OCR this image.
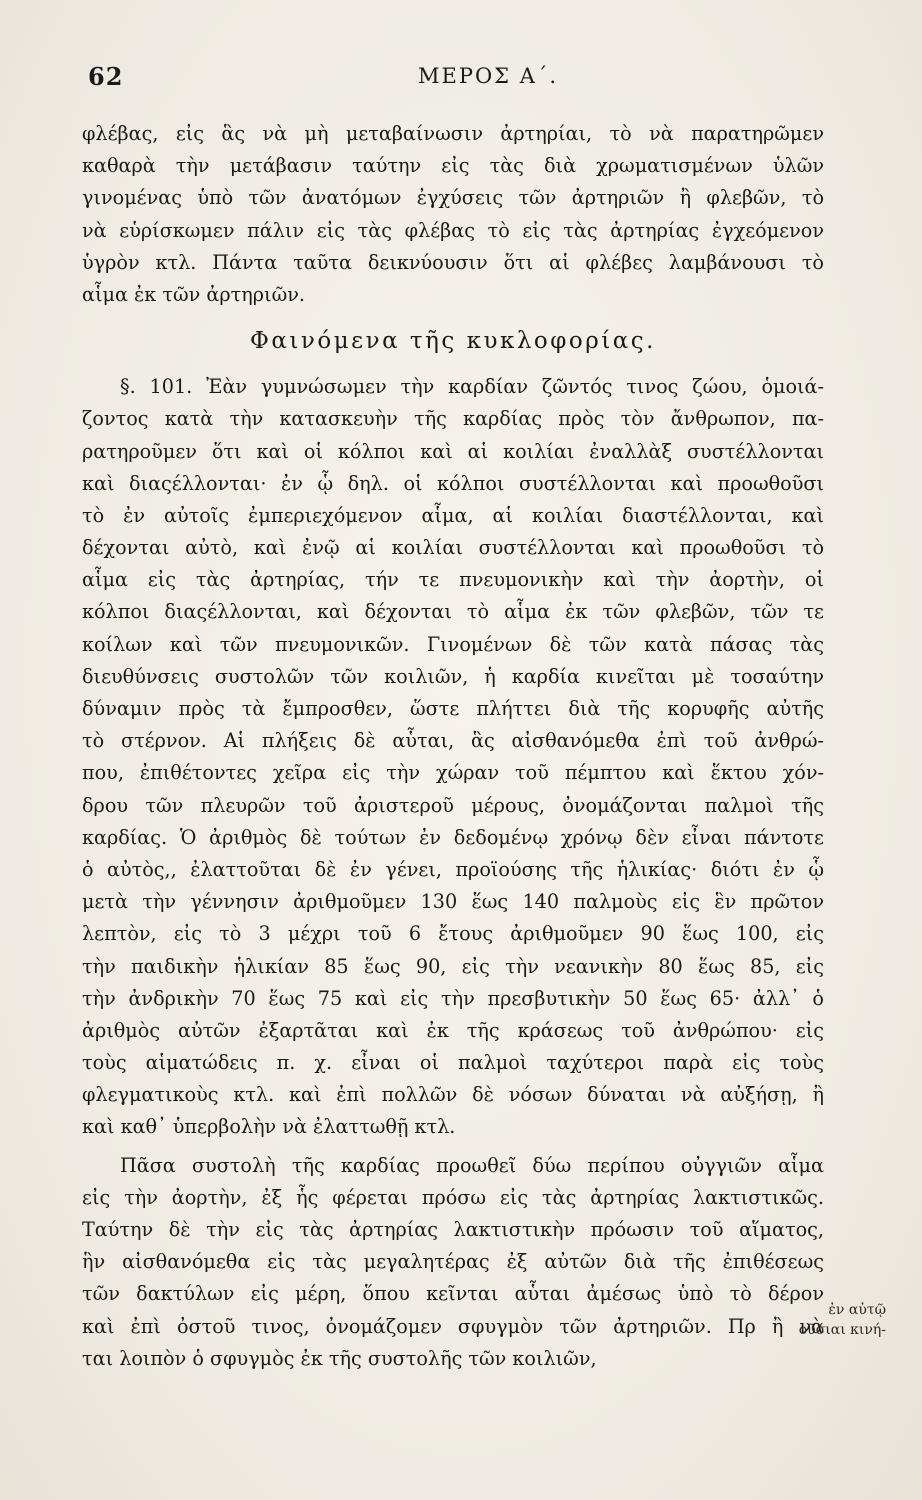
62	ΜΕΡΟΣ Α΄.
φλέβας, εἰς ἃς νὰ μὴ μεταβαίνωσιν ἀρτηρίαι, τὸ νὰ παρατηρῶμεν
καθαρὰ τὴν μετάβασιν ταύτην εἰς τὰς διὰ χρωματισμένων ὑλῶν
γινομένας ὑπὸ τῶν ἀνατόμων ἐγχύσεις τῶν ἀρτηριῶν ἢ φλεβῶν, τὸ
νὰ εὑρίσκωμεν πάλιν εἰς τὰς φλέβας τὸ εἰς τὰς ἀρτηρίας ἐγχεόμενον
ὑγρὸν κτλ. Πάντα ταῦτα δεικνύουσιν ὅτι αἱ φλέβες λαμβάνουσι τὸ
αἷμα ἐκ τῶν ἀρτηριῶν.
Φαινόμενα τῆς κυκλοφορίας.
§. 101. Ἐὰν γυμνώσωμεν τὴν καρδίαν ζῶντός τινος ζώου, ὁμοιά-
ζοντος κατὰ τὴν κατασκευὴν τῆς καρδίας πρὸς τὸν ἄνθρωπον, πα-
ρατηροῦμεν ὅτι καὶ οἱ κόλποι καὶ αἱ κοιλίαι ἐναλλὰξ συστέλλονται
καὶ διαςέλλονται· ἐν ᾧ δηλ. οἱ κόλποι συστέλλονται καὶ προωθοῦσι
τὸ ἐν αὐτοῖς ἐμπεριεχόμενον αἷμα, αἱ κοιλίαι διαστέλλονται, καὶ
δέχονται αὐτὸ, καὶ ἐνῷ αἱ κοιλίαι συστέλλονται καὶ προωθοῦσι τὸ
αἷμα εἰς τὰς ἀρτηρίας, τήν τε πνευμονικὴν καὶ τὴν ἀορτὴν, οἱ
κόλποι διαςέλλονται, καὶ δέχονται τὸ αἷμα ἐκ τῶν φλεβῶν, τῶν τε
κοίλων καὶ τῶν πνευμονικῶν. Γινομένων δὲ τῶν κατὰ πάσας τὰς
διευθύνσεις συστολῶν τῶν κοιλιῶν, ἡ καρδία κινεῖται μὲ τοσαύτην
δύναμιν πρὸς τὰ ἔμπροσθεν, ὥστε πλήττει διὰ τῆς κορυφῆς αὐτῆς
τὸ στέρνον. Αἱ πλήξεις δὲ αὗται, ἃς αἰσθανόμεθα ἐπὶ τοῦ ἀνθρώ-
που, ἐπιθέτοντες χεῖρα εἰς τὴν χώραν τοῦ πέμπτου καὶ ἕκτου χόν-
δρου τῶν πλευρῶν τοῦ ἀριστεροῦ μέρους, ὀνομάζονται παλμοὶ τῆς
καρδίας. Ὁ ἀριθμὸς δὲ τούτων ἐν δεδομένῳ χρόνῳ δὲν εἶναι πάντοτε
ὁ αὐτὸς,, ἐλαττοῦται δὲ ἐν γένει, προϊούσης τῆς ἡλικίας· διότι ἐν ᾧ
μετὰ τὴν γέννησιν ἀριθμοῦμεν 130 ἕως 140 παλμοὺς εἰς ἓν πρῶτον
λεπτὸν, εἰς τὸ 3 μέχρι τοῦ 6 ἔτους ἀριθμοῦμεν 90 ἕως 100, εἰς
τὴν παιδικὴν ἡλικίαν 85 ἕως 90, εἰς τὴν νεανικὴν 80 ἕως 85, εἰς
τὴν ἀνδρικὴν 70 ἕως 75 καὶ εἰς τὴν πρεσβυτικὴν 50 ἕως 65· ἀλλ᾽ ὁ
ἀριθμὸς αὐτῶν ἐξαρτᾶται καὶ ἐκ τῆς κράσεως τοῦ ἀνθρώπου· εἰς
τοὺς αἱματώδεις π. χ. εἶναι οἱ παλμοὶ ταχύτεροι παρὰ εἰς τοὺς
φλεγματικοὺς κτλ. καὶ ἐπὶ πολλῶν δὲ νόσων δύναται νὰ αὐξήσῃ, ἢ
καὶ καθ᾽ ὑπερβολὴν νὰ ἐλαττωθῇ κτλ.
Πᾶσα συστολὴ τῆς καρδίας προωθεῖ δύω περίπου οὐγγιῶν αἷμα
εἰς τὴν ἀορτὴν, ἐξ ἧς φέρεται πρόσω εἰς τὰς ἀρτηρίας λακτιστικῶς.
Ταύτην δὲ τὴν εἰς τὰς ἀρτηρίας λακτιστικὴν πρόωσιν τοῦ αἵματος,
ἣν αἰσθανόμεθα εἰς τὰς μεγαλητέρας ἐξ αὐτῶν διὰ τῆς ἐπιθέσεως
τῶν δακτύλων εἰς μέρη, ὅπου κεῖνται αὗται ἀμέσως ὑπὸ τὸ δέρον
καὶ ἐπὶ ὀστοῦ τινος, ὀνομάζομεν σφυγμὸν τῶν ἀρτηριῶν. Πρ ἢ νὰ
ται λοιπὸν ὁ σφυγμὸς ἐκ τῆς συστολῆς τῶν κοιλιῶν,
ἐν αὐτῷ
οῦσιαι κινή-
